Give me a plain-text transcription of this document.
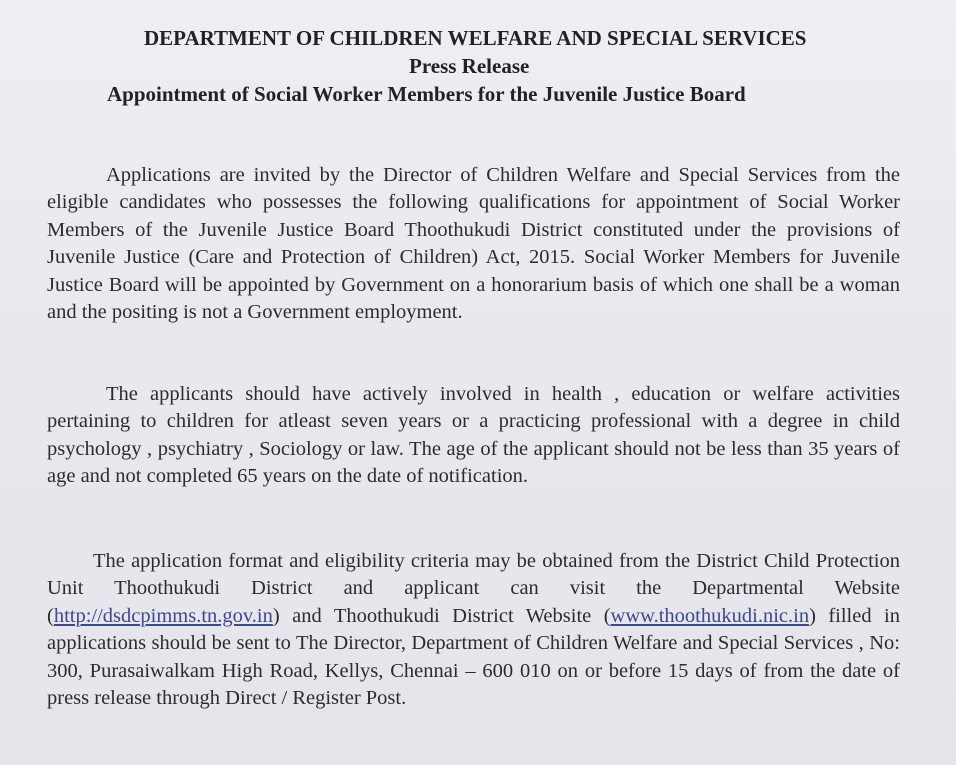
DEPARTMENT OF CHILDREN WELFARE AND SPECIAL SERVICES
Press Release
Appointment of Social Worker Members for the Juvenile Justice Board
Applications are invited by the Director of Children Welfare and Special Services from the eligible candidates who possesses the following qualifications for appointment of Social Worker Members of the Juvenile Justice Board Thoothukudi District constituted under the provisions of Juvenile Justice (Care and Protection of Children) Act, 2015. Social Worker Members for Juvenile Justice Board will be appointed by Government on a honorarium basis of which one shall be a woman and the positing is not a Government employment.
The applicants should have actively involved in health , education or welfare activities pertaining to children for atleast seven years or a practicing professional with a degree in child psychology , psychiatry , Sociology or law. The age of the applicant should not be less than 35 years of age and not completed 65 years on the date of notification.
The application format and eligibility criteria may be obtained from the District Child Protection Unit Thoothukudi District and applicant can visit the Departmental Website (http://dsdcpimms.tn.gov.in) and Thoothukudi District Website (www.thoothukudi.nic.in) filled in applications should be sent to The Director, Department of Children Welfare and Special Services , No: 300, Purasaiwalkam High Road, Kellys, Chennai – 600 010 on or before 15 days of from the date of press release through Direct / Register Post.
